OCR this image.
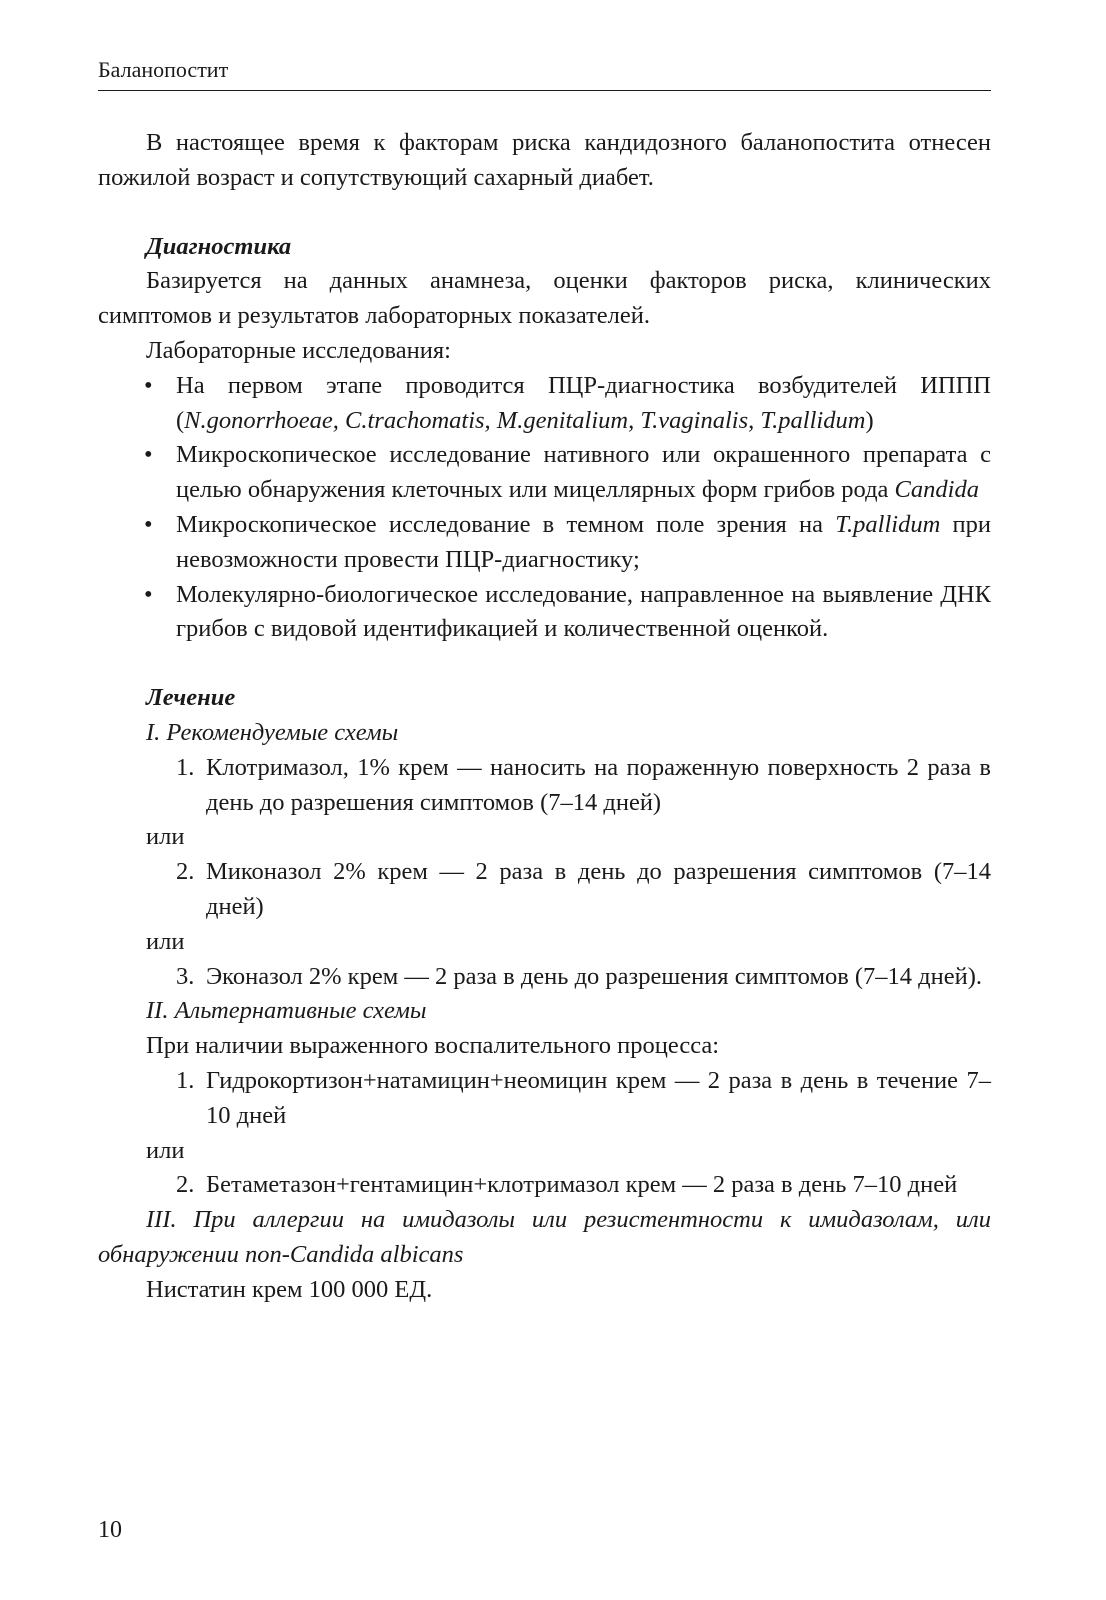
Баланопостит

В настоящее время к факторам риска кандидозного баланопостита отнесен пожилой возраст и сопутствующий сахарный диабет.

Диагностика

Базируется на данных анамнеза, оценки факторов риска, клинических симптомов и результатов лабораторных показателей.

Лабораторные исследования:

• На первом этапе проводится ПЦР-диагностика возбудителей ИППП (N.gonorrhoeae, C.trachomatis, M.genitalium, T.vaginalis, T.pallidum)
• Микроскопическое исследование нативного или окрашенного препарата с целью обнаружения клеточных или мицеллярных форм грибов рода Candida
• Микроскопическое исследование в темном поле зрения на T.pallidum при невозможности провести ПЦР-диагностику;
• Молекулярно-биологическое исследование, направленное на выявление ДНК грибов с видовой идентификацией и количественной оценкой.

Лечение

I. Рекомендуемые схемы

1. Клотримазол, 1% крем — наносить на пораженную поверхность 2 раза в день до разрешения симптомов (7–14 дней)

или

2. Миконазол 2% крем — 2 раза в день до разрешения симптомов (7–14 дней)

или

3. Эконазол 2% крем — 2 раза в день до разрешения симптомов (7–14 дней).

II. Альтернативные схемы

При наличии выраженного воспалительного процесса:

1. Гидрокортизон+натамицин+неомицин крем — 2 раза в день в течение 7–10 дней

или

2. Бетаметазон+гентамицин+клотримазол крем — 2 раза в день 7–10 дней

III. При аллергии на имидазолы или резистентности к имидазолам, или обнаружении non-Candida albicans

Нистатин крем 100 000 ЕД.

10
